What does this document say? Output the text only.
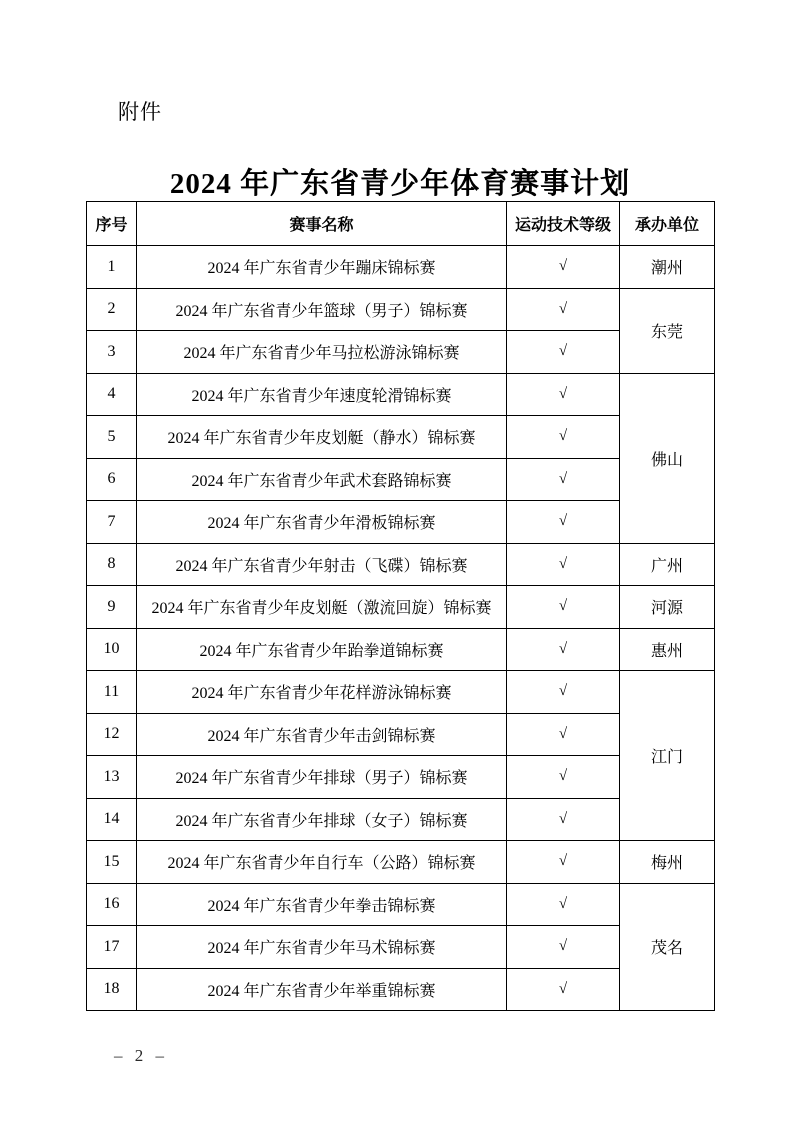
附件
2024 年广东省青少年体育赛事计划
序号	赛事名称	运动技术等级	承办单位
1	2024 年广东省青少年蹦床锦标赛	√	潮州
2	2024 年广东省青少年篮球（男子）锦标赛	√	东莞
3	2024 年广东省青少年马拉松游泳锦标赛	√	
4	2024 年广东省青少年速度轮滑锦标赛	√	佛山
5	2024 年广东省青少年皮划艇（静水）锦标赛	√	
6	2024 年广东省青少年武术套路锦标赛	√	
7	2024 年广东省青少年滑板锦标赛	√	
8	2024 年广东省青少年射击（飞碟）锦标赛	√	广州
9	2024 年广东省青少年皮划艇（激流回旋）锦标赛	√	河源
10	2024 年广东省青少年跆拳道锦标赛	√	惠州
11	2024 年广东省青少年花样游泳锦标赛	√	江门
12	2024 年广东省青少年击剑锦标赛	√	
13	2024 年广东省青少年排球（男子）锦标赛	√	
14	2024 年广东省青少年排球（女子）锦标赛	√	
15	2024 年广东省青少年自行车（公路）锦标赛	√	梅州
16	2024 年广东省青少年拳击锦标赛	√	茂名
17	2024 年广东省青少年马术锦标赛	√	
18	2024 年广东省青少年举重锦标赛	√	
– 2 –
